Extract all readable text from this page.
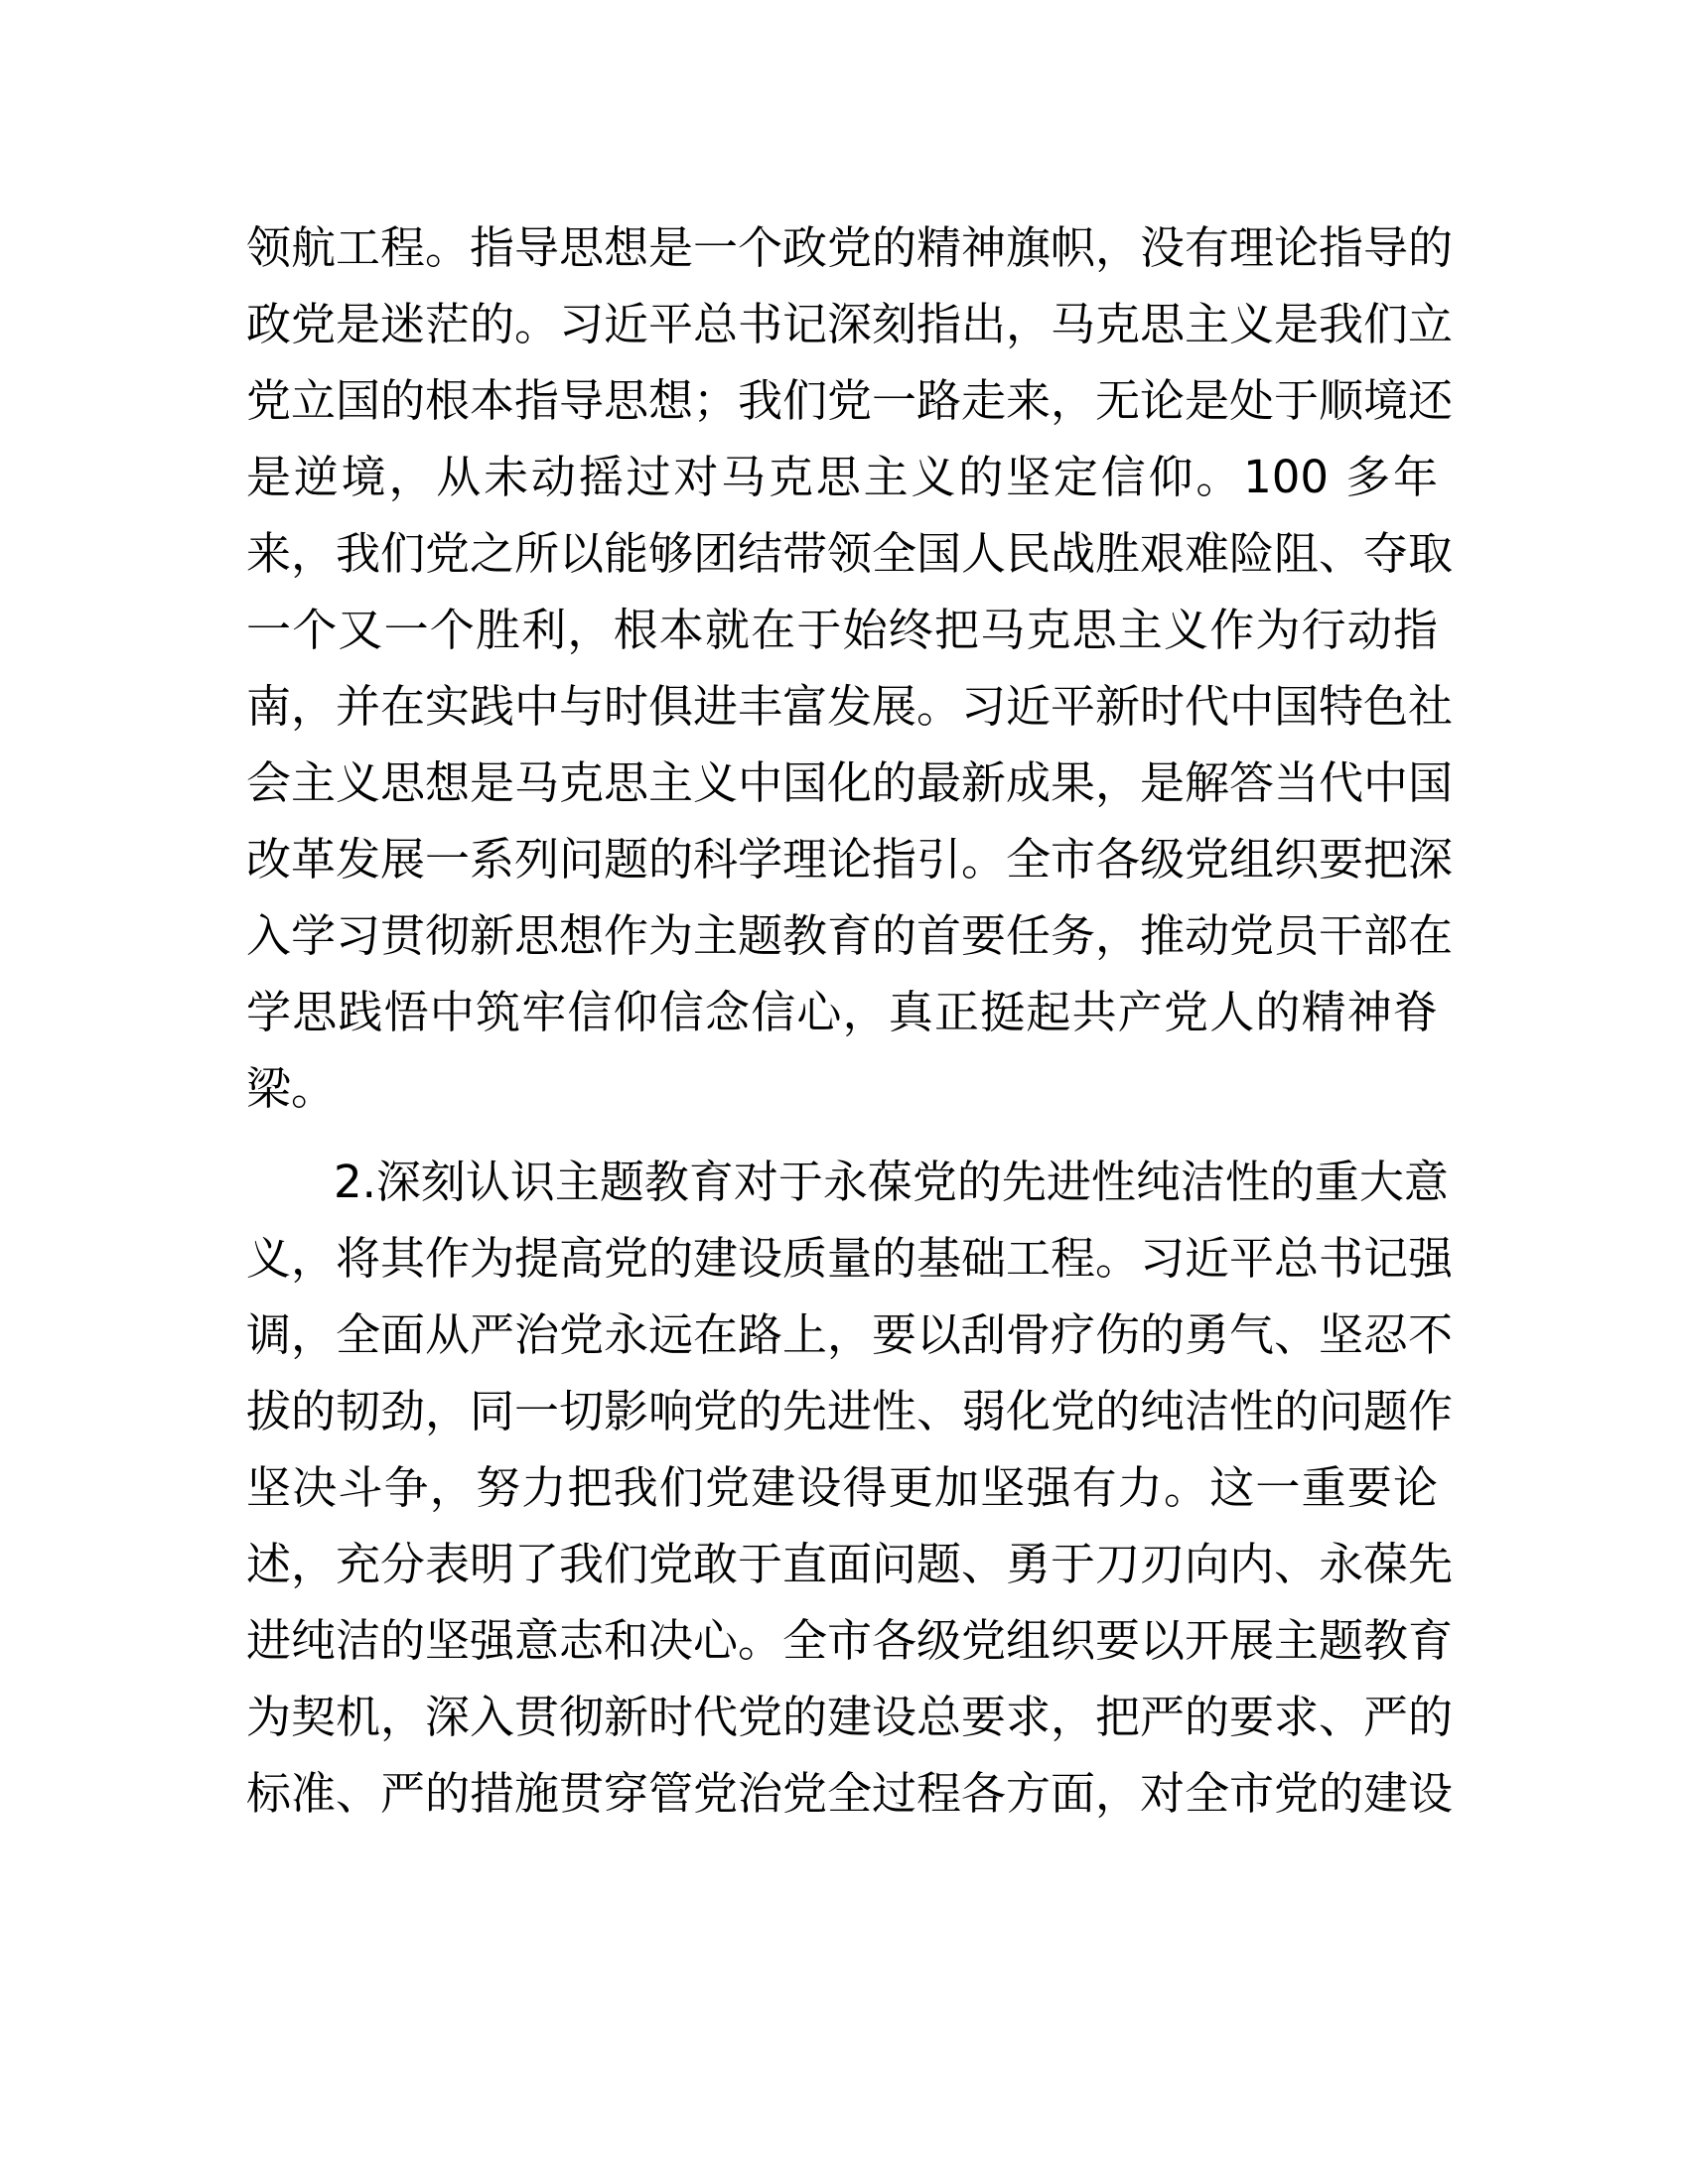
领航工程。指导思想是一个政党的精神旗帜，没有理论指导的
政党是迷茫的。习近平总书记深刻指出，马克思主义是我们立
党立国的根本指导思想；我们党一路走来，无论是处于顺境还
是逆境，从未动摇过对马克思主义的坚定信仰。100 多年
来，我们党之所以能够团结带领全国人民战胜艰难险阻、夺取
一个又一个胜利，根本就在于始终把马克思主义作为行动指
南，并在实践中与时俱进丰富发展。习近平新时代中国特色社
会主义思想是马克思主义中国化的最新成果，是解答当代中国
改革发展一系列问题的科学理论指引。全市各级党组织要把深
入学习贯彻新思想作为主题教育的首要任务，推动党员干部在
学思践悟中筑牢信仰信念信心，真正挺起共产党人的精神脊
梁。
2.深刻认识主题教育对于永葆党的先进性纯洁性的重大意
义，将其作为提高党的建设质量的基础工程。习近平总书记强
调，全面从严治党永远在路上，要以刮骨疗伤的勇气、坚忍不
拔的韧劲，同一切影响党的先进性、弱化党的纯洁性的问题作
坚决斗争，努力把我们党建设得更加坚强有力。这一重要论
述，充分表明了我们党敢于直面问题、勇于刀刃向内、永葆先
进纯洁的坚强意志和决心。全市各级党组织要以开展主题教育
为契机，深入贯彻新时代党的建设总要求，把严的要求、严的
标准、严的措施贯穿管党治党全过程各方面，对全市党的建设
